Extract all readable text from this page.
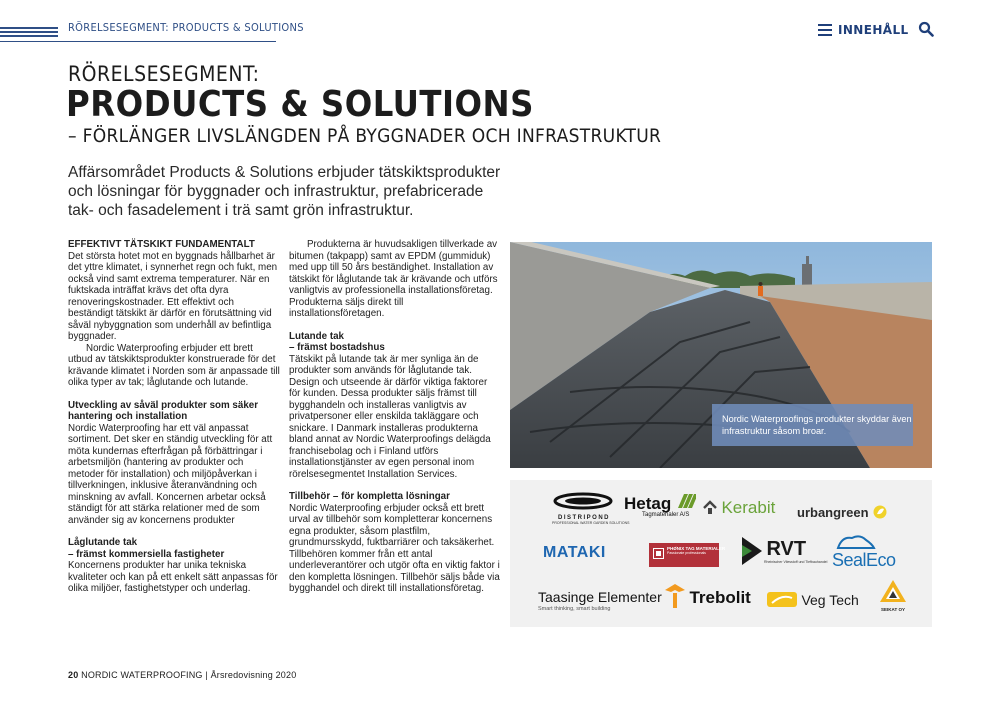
RÖRELSESEGMENT: PRODUCTS & SOLUTIONS	INNEHÅLL
RÖRELSESEGMENT:
PRODUCTS & SOLUTIONS
– FÖRLÄNGER LIVSLÄNGDEN PÅ BYGGNADER OCH INFRASTRUKTUR
Affärsområdet Products & Solutions erbjuder tätskiktsprodukter och lösningar för byggnader och infrastruktur, prefabricerade tak- och fasadelement i trä samt grön infrastruktur.

EFFEKTIVT TÄTSKIKT FUNDAMENTALT

Det största hotet mot en byggnads hållbarhet är det yttre klimatet, i synnerhet regn och fukt, men också vind samt extrema temperaturer. När en fuktskada inträffat krävs det ofta dyra renoveringskostnader. Ett effektivt och beständigt tätskikt är därför en förutsättning vid såväl nybyggnation som underhåll av befintliga byggnader.

Nordic Waterproofing erbjuder ett brett utbud av tätskiktsprodukter konstruerade för det krävande klimatet i Norden som är anpassade till olika typer av tak; låglutande och lutande.

Utveckling av såväl produkter som säker hantering och installation

Nordic Waterproofing har ett väl anpassat sortiment. Det sker en ständig utveckling för att möta kundernas efterfrågan på förbättringar i arbetsmiljön (hantering av produkter och metoder för installation) och miljöpåverkan i tillverkningen, inklusive återanvändning och minskning av avfall. Koncernen arbetar också ständigt för att stärka relationer med de som använder sig av koncernens produkter

Låglutande tak

– främst kommersiella fastigheter

Koncernens produkter har unika tekniska kvaliteter och kan på ett enkelt sätt anpassas för olika miljöer, fastighetstyper och underlag.

Produkterna är huvudsakligen tillverkade av bitumen (takpapp) samt av EPDM (gummiduk) med upp till 50 års beständighet. Installation av tätskikt för låglutande tak är krävande och utförs vanligtvis av professionella installationsföretag. Produkterna säljs direkt till installationsföretagen.

Lutande tak

– främst bostadshus

Tätskikt på lutande tak är mer synliga än de produkter som används för låglutande tak. Design och utseende är därför viktiga faktorer för kunden. Dessa produkter säljs främst till bygghandeln och installeras vanligtvis av privatpersoner eller enskilda takläggare och snickare. I Danmark installeras produkterna bland annat av Nordic Waterproofings delägda franchisebolag och i Finland utförs installationstjänster av egen personal inom rörelsesegmentet Installation Services.

Tillbehör – för kompletta lösningar

Nordic Waterproofing erbjuder också ett brett urval av tillbehör som kompletterar koncernens egna produkter, såsom plastfilm, grundmursskydd, fuktbarriärer och taksäkerhet. Tillbehören kommer från ett antal underleverantörer och utgör ofta en viktig faktor i den kompletta lösningen. Tillbehör säljs både via bygghandel och direkt till installationsföretag.

Nordic Waterproofings produkter skyddar även infrastruktur såsom broar.
DISTRIPOND
PROFESSIONAL WATER GARDEN SOLUTIONS
Hetag
Tagmaterialer A/S	Kerabit urbangreen
MATAKI	PHØNIX TAG MATERIALER
Passionate professionals	RVT
Rheinischer Vliesstoff und Tiefbauhandel SealEco
Taasinge Elementer
Smart thinking, smart building
Trebolit	Veg Tech
SEIKAT OY
20 NORDIC WATERPROOFING | Årsredovisning 2020
